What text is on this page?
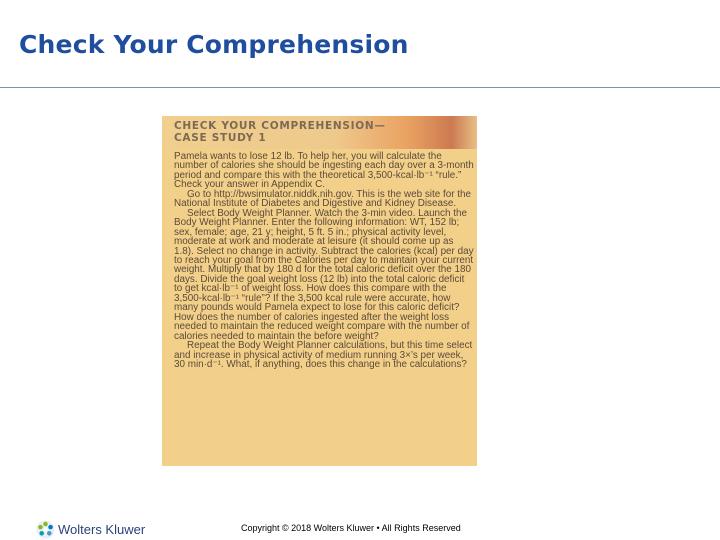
Check Your Comprehension
CHECK YOUR COMPREHENSION—
CASE STUDY 1

Pamela wants to lose 12 lb. To help her, you will calculate the number of calories she should be ingesting each day over a 3-month period and compare this with the theoretical 3,500-kcal·lb⁻¹ “rule.” Check your answer in Appendix C.

Go to http://bwsimulator.niddk.nih.gov. This is the web site for the National Institute of Diabetes and Digestive and Kidney Disease.

Select Body Weight Planner. Watch the 3-min video. Launch the Body Weight Planner. Enter the following information: WT, 152 lb; sex, female; age, 21 y; height, 5 ft. 5 in.; physical activity level, moderate at work and moderate at leisure (it should come up as 1.8). Select no change in activity. Subtract the calories (kcal) per day to reach your goal from the Calories per day to maintain your current weight. Multiply that by 180 d for the total caloric deficit over the 180 days. Divide the goal weight loss (12 lb) into the total caloric deficit to get kcal·lb⁻¹ of weight loss. How does this compare with the 3,500-kcal·lb⁻¹ “rule”? If the 3,500 kcal rule were accurate, how many pounds would Pamela expect to lose for this caloric deficit? How does the number of calories ingested after the weight loss needed to maintain the reduced weight compare with the number of calories needed to maintain the before weight?

Repeat the Body Weight Planner calculations, but this time select and increase in physical activity of medium running 3×’s per week, 30 min·d⁻¹. What, if anything, does this change in the calculations?

Wolters Kluwer	Copyright © 2018 Wolters Kluwer • All Rights Reserved
